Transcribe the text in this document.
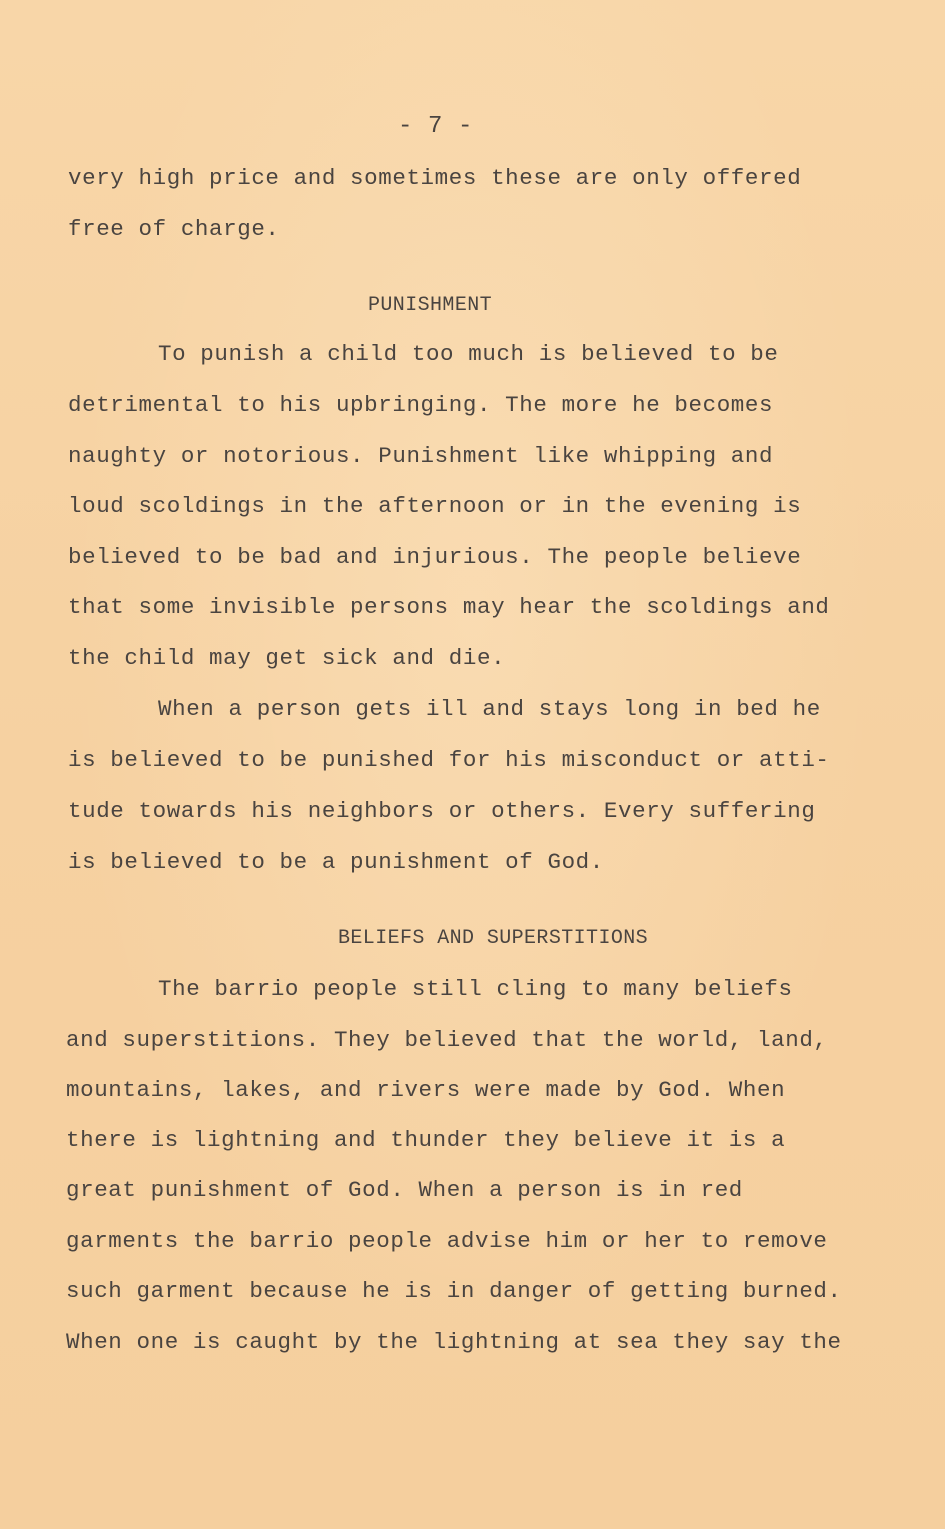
- 7 -

very high price and sometimes these are only offered

free of charge.

PUNISHMENT

To punish a child too much is believed to be

detrimental to his upbringing. The more he becomes

naughty or notorious. Punishment like whipping and

loud scoldings in the afternoon or in the evening is

believed to be bad and injurious. The people believe

that some invisible persons may hear the scoldings and

the child may get sick and die.

When a person gets ill and stays long in bed he

is believed to be punished for his misconduct or atti-

tude towards his neighbors or others. Every suffering

is believed to be a punishment of God.

BELIEFS AND SUPERSTITIONS

The barrio people still cling to many beliefs

and superstitions. They believed that the world, land,

mountains, lakes, and rivers were made by God. When

there is lightning and thunder they believe it is a

great punishment of God. When a person is in red

garments the barrio people advise him or her to remove

such garment because he is in danger of getting burned.

When one is caught by the lightning at sea they say the
